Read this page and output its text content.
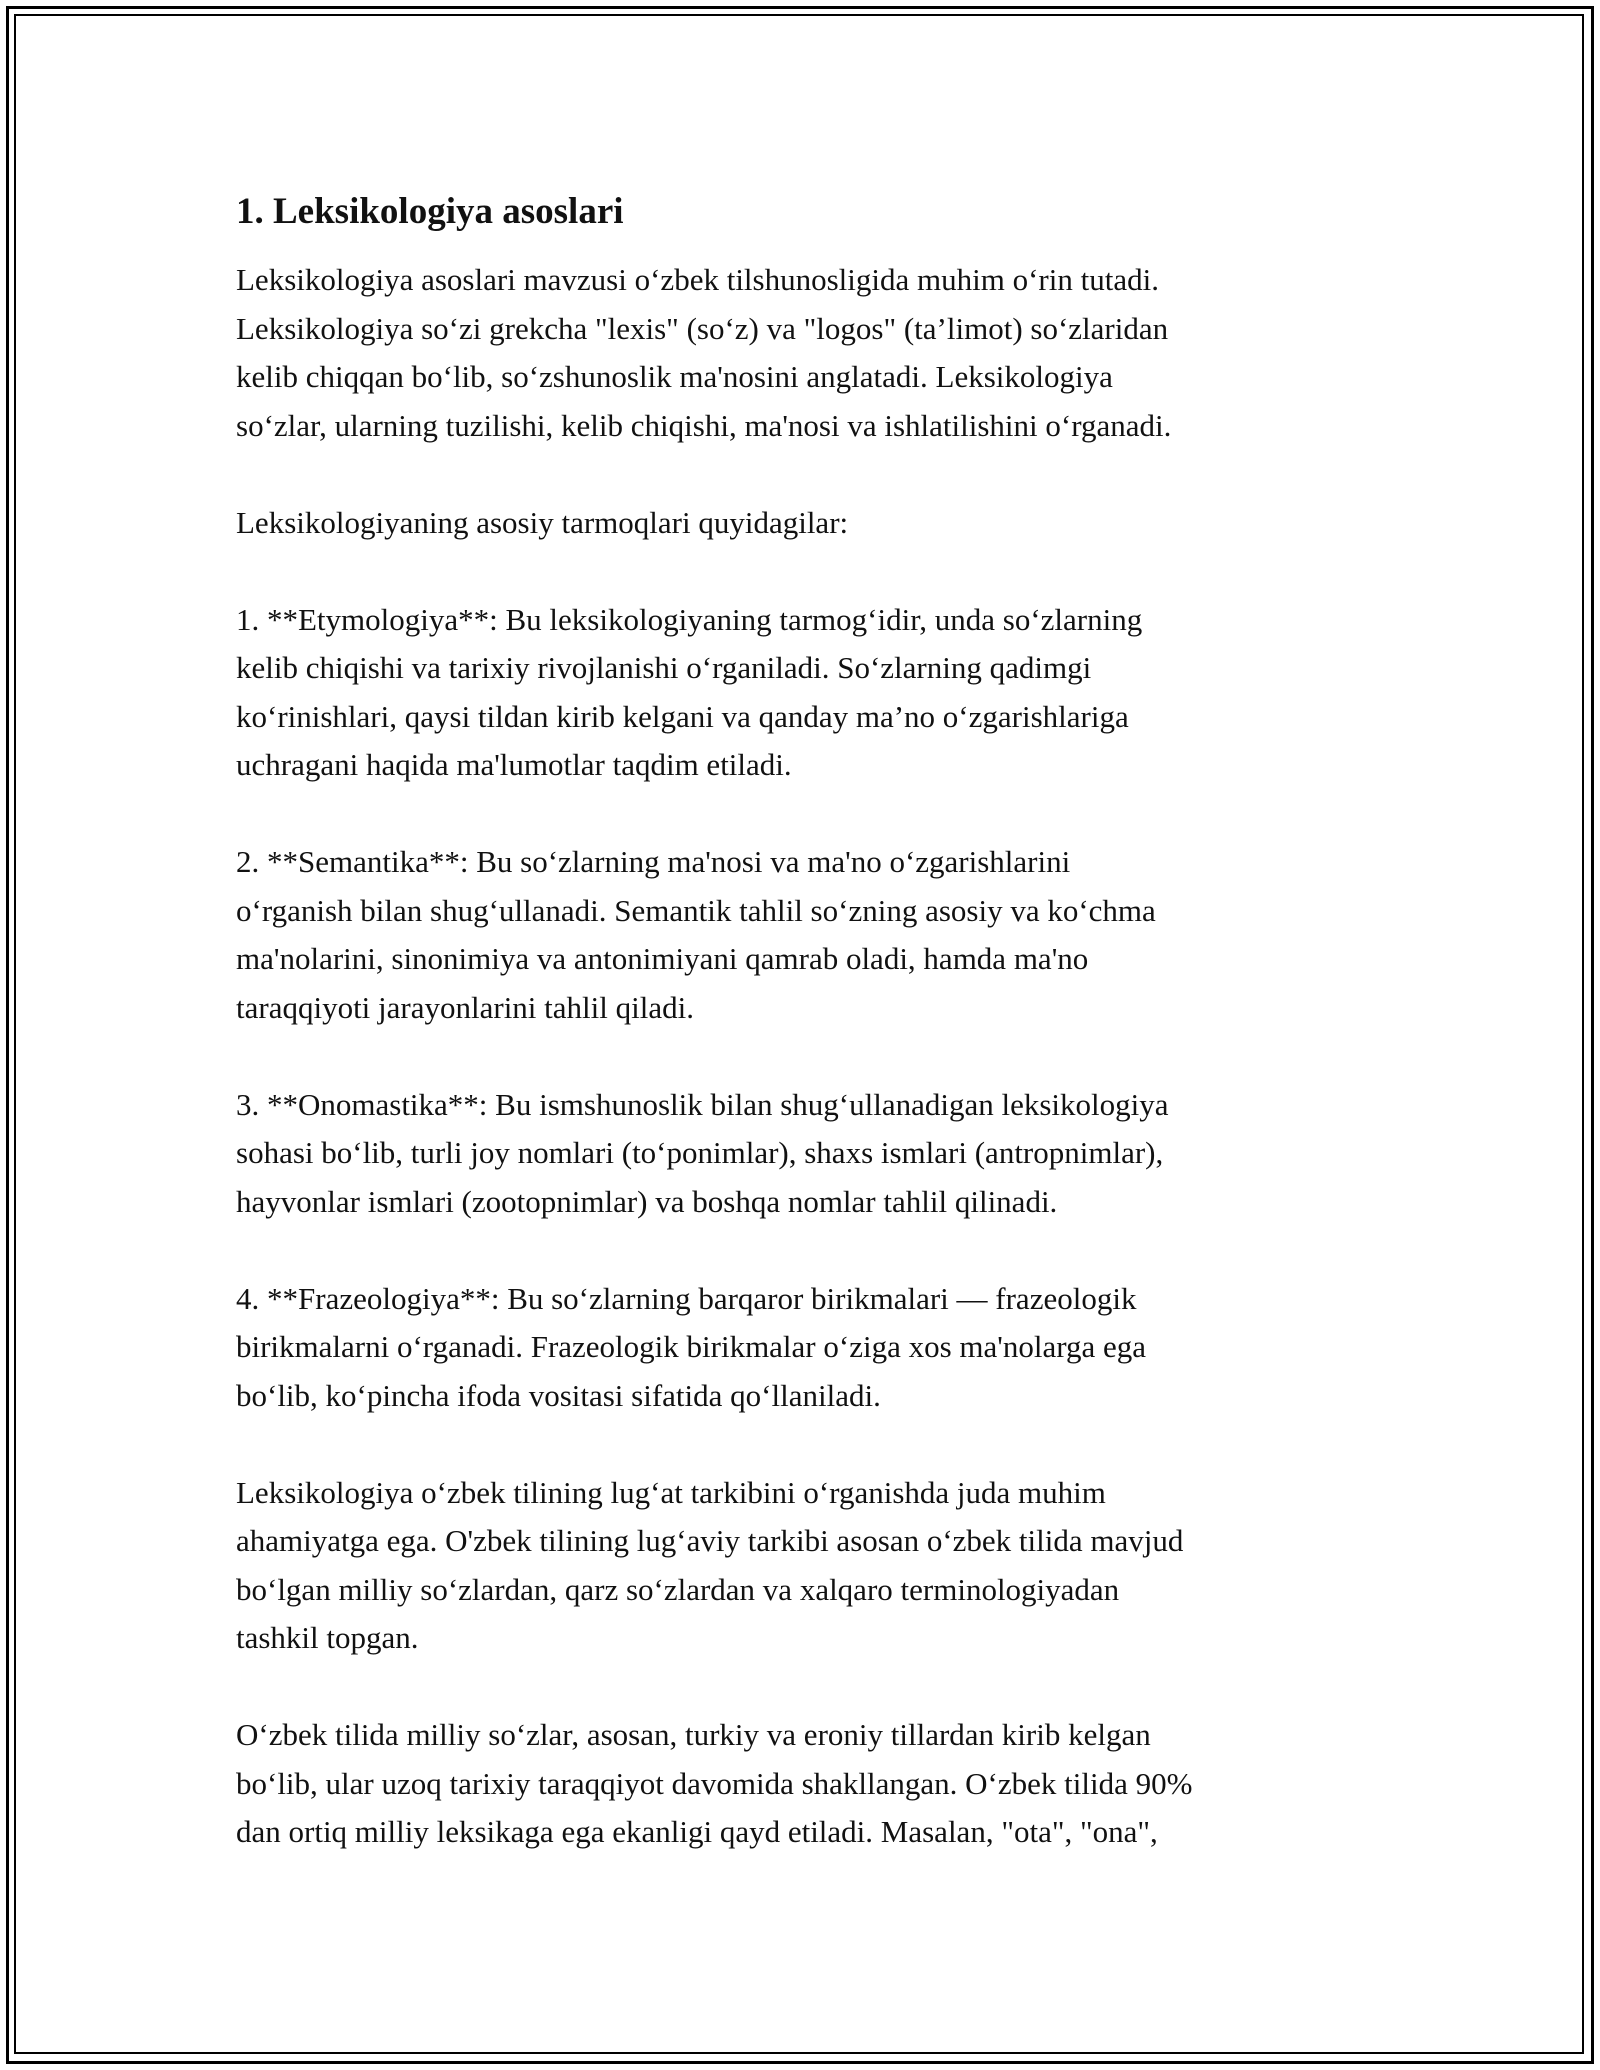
1. Leksikologiya asoslari
Leksikologiya asoslari mavzusi o‘zbek tilshunosligida muhim o‘rin tutadi.
Leksikologiya so‘zi grekcha "lexis" (so‘z) va "logos" (ta’limot) so‘zlaridan
kelib chiqqan bo‘lib, so‘zshunoslik ma'nosini anglatadi. Leksikologiya
so‘zlar, ularning tuzilishi, kelib chiqishi, ma'nosi va ishlatilishini o‘rganadi.
Leksikologiyaning asosiy tarmoqlari quyidagilar:
1. **Etymologiya**: Bu leksikologiyaning tarmog‘idir, unda so‘zlarning
kelib chiqishi va tarixiy rivojlanishi o‘rganiladi. So‘zlarning qadimgi
ko‘rinishlari, qaysi tildan kirib kelgani va qanday ma’no o‘zgarishlariga
uchragani haqida ma'lumotlar taqdim etiladi.
2. **Semantika**: Bu so‘zlarning ma'nosi va ma'no o‘zgarishlarini
o‘rganish bilan shug‘ullanadi. Semantik tahlil so‘zning asosiy va ko‘chma
ma'nolarini, sinonimiya va antonimiyani qamrab oladi, hamda ma'no
taraqqiyoti jarayonlarini tahlil qiladi.
3. **Onomastika**: Bu ismshunoslik bilan shug‘ullanadigan leksikologiya
sohasi bo‘lib, turli joy nomlari (to‘ponimlar), shaxs ismlari (antropnimlar),
hayvonlar ismlari (zootopnimlar) va boshqa nomlar tahlil qilinadi.
4. **Frazeologiya**: Bu so‘zlarning barqaror birikmalari — frazeologik
birikmalarni o‘rganadi. Frazeologik birikmalar o‘ziga xos ma'nolarga ega
bo‘lib, ko‘pincha ifoda vositasi sifatida qo‘llaniladi.
Leksikologiya o‘zbek tilining lug‘at tarkibini o‘rganishda juda muhim
ahamiyatga ega. O'zbek tilining lug‘aviy tarkibi asosan o‘zbek tilida mavjud
bo‘lgan milliy so‘zlardan, qarz so‘zlardan va xalqaro terminologiyadan
tashkil topgan.
O‘zbek tilida milliy so‘zlar, asosan, turkiy va eroniy tillardan kirib kelgan
bo‘lib, ular uzoq tarixiy taraqqiyot davomida shakllangan. O‘zbek tilida 90%
dan ortiq milliy leksikaga ega ekanligi qayd etiladi. Masalan, "ota", "ona",
